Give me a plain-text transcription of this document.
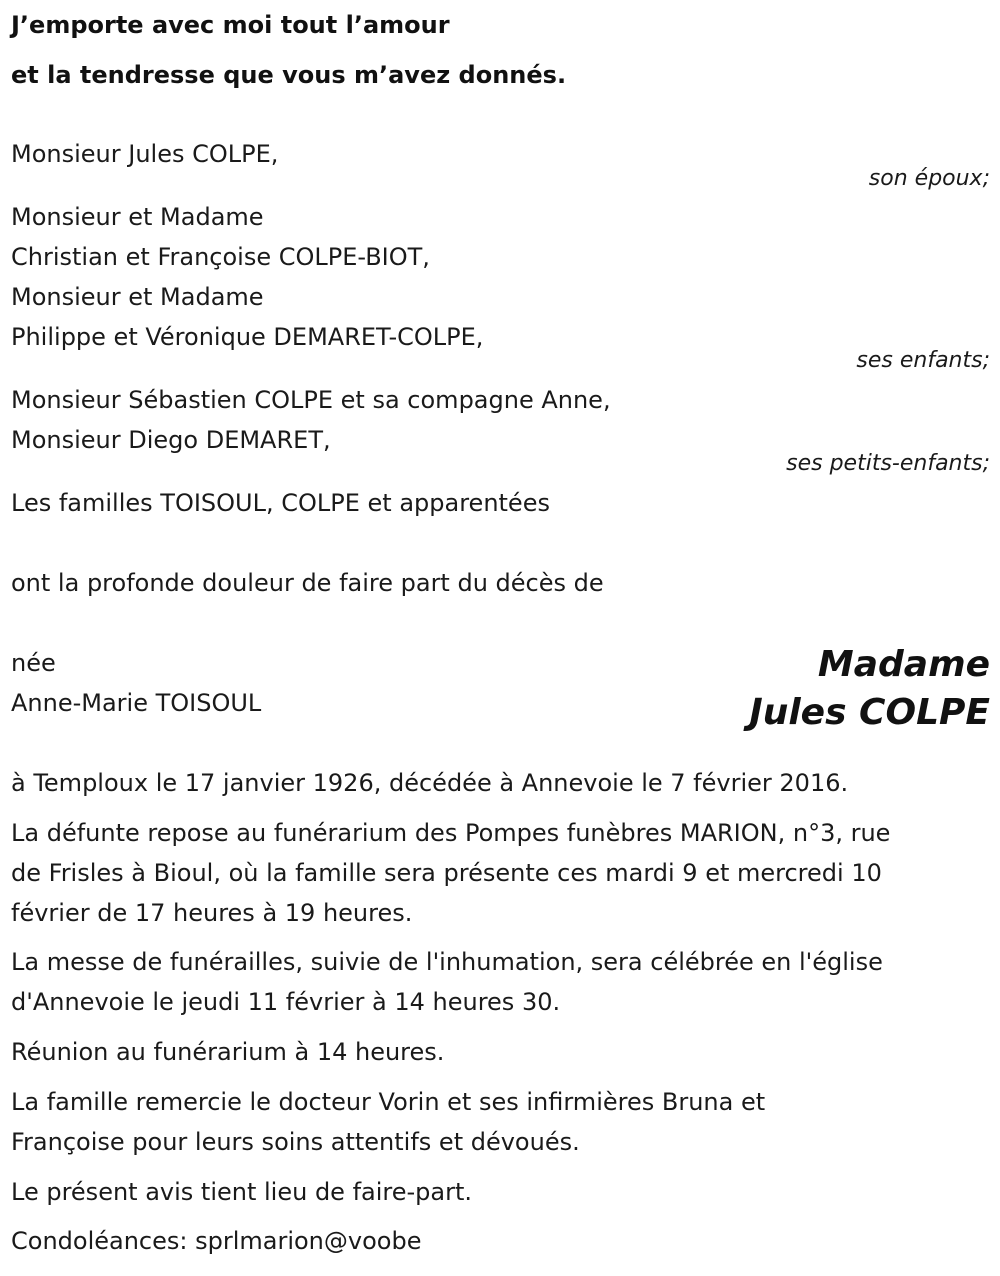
J’emporte avec moi tout l’amour
et la tendresse que vous m’avez donnés.
Monsieur Jules COLPE,
son époux;
Monsieur et Madame
Christian et Françoise COLPE-BIOT,
Monsieur et Madame
Philippe et Véronique DEMARET-COLPE,
ses enfants;
Monsieur Sébastien COLPE et sa compagne Anne,
Monsieur Diego DEMARET,
ses petits-enfants;
Les familles TOISOUL, COLPE et apparentées
ont la profonde douleur de faire part du décès de
née
Anne-Marie TOISOUL
Madame
Jules COLPE
à Temploux le 17 janvier 1926, décédée à Annevoie le 7 février 2016.
La défunte repose au funérarium des Pompes funèbres MARION, n°3, rue
de Frisles à Bioul, où la famille sera présente ces mardi 9 et mercredi 10
février de 17 heures à 19 heures.
La messe de funérailles, suivie de l'inhumation, sera célébrée en l'église
d'Annevoie le jeudi 11 février à 14 heures 30.
Réunion au funérarium à 14 heures.
La famille remercie le docteur Vorin et ses infirmières Bruna et
Françoise pour leurs soins attentifs et dévoués.
Le présent avis tient lieu de faire-part.
Condoléances: sprlmarion@voobe
